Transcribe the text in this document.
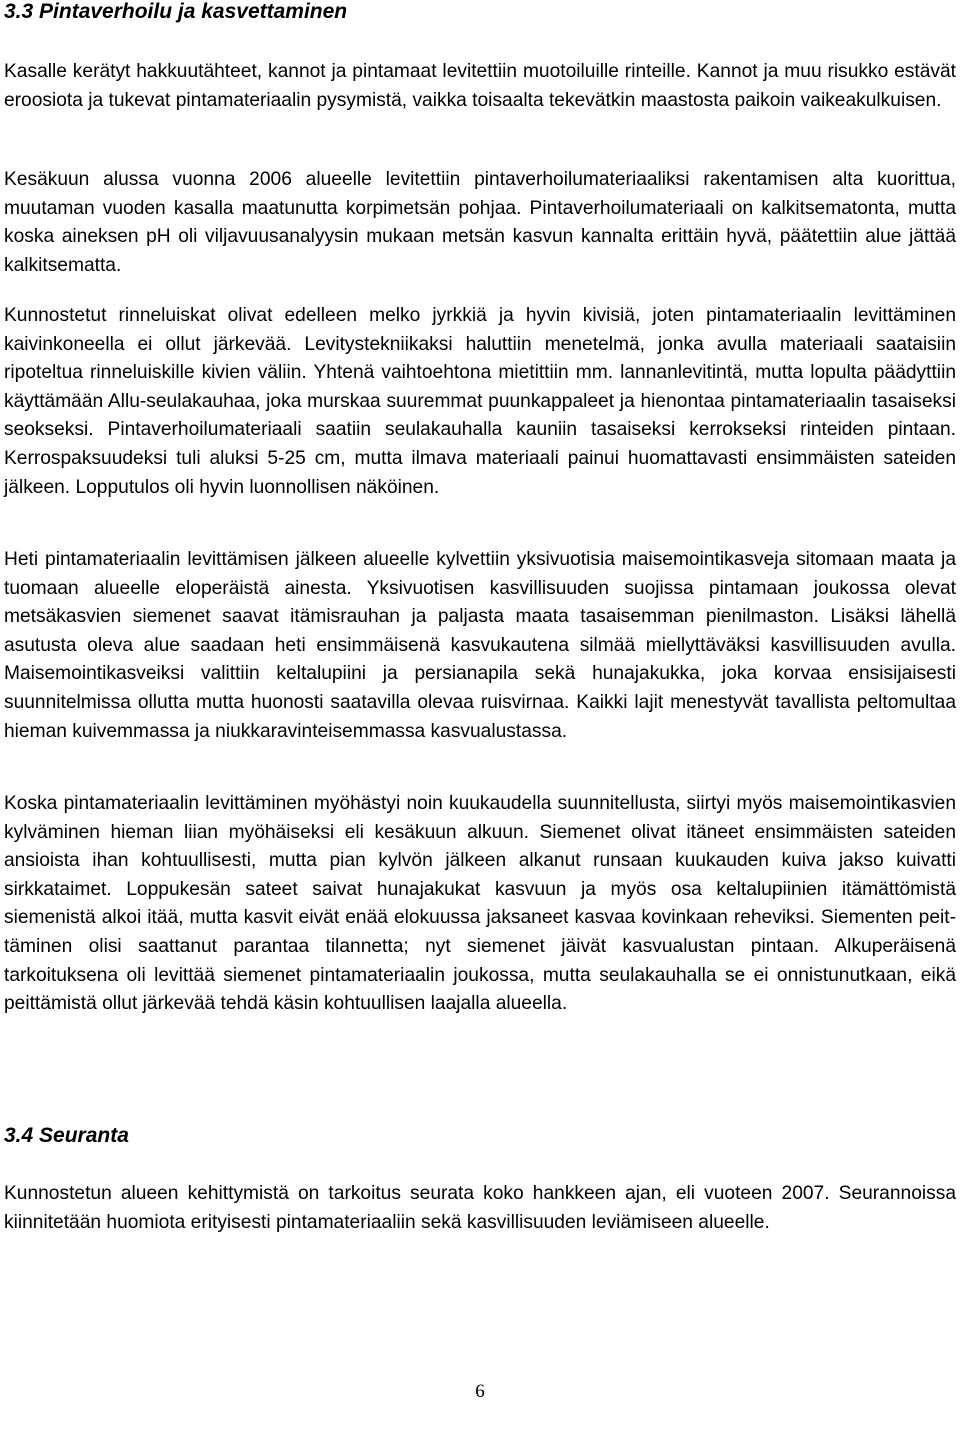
3.3 Pintaverhoilu ja kasvettaminen

Kasalle kerätyt hakkuutähteet, kannot ja pintamaat levitettiin muotoiluille rinteille. Kannot ja muu risukko estävät eroosiota ja tukevat pintamateriaalin pysymistä, vaikka toisaalta tekevätkin maastosta paikoin vaikeakulkuisen.

Kesäkuun alussa vuonna 2006 alueelle levitettiin pintaverhoilumateriaaliksi rakentamisen alta kuorittua, muutaman vuoden kasalla maatunutta korpimetsän pohjaa. Pintaverhoilumateriaali on kalkitsematonta, mutta koska aineksen pH oli viljavuusanalyysin mukaan metsän kasvun kannalta erittäin hyvä, päätettiin alue jättää kalkitsematta.

Kunnostetut rinneluiskat olivat edelleen melko jyrkkiä ja hyvin kivisiä, joten pintamateriaalin levittäminen kaivinkoneella ei ollut järkevää. Levitystekniikaksi haluttiin menetelmä, jonka avulla materiaali saataisiin ripoteltua rinneluiskille kivien väliin. Yhtenä vaihtoehtona mietittiin mm. lannanlevitintä, mutta lopulta päädyttiin käyttämään Allu-seulakauhaa, joka murskaa suuremmat puunkappaleet ja hienontaa pintamateriaalin tasaiseksi seokseksi. Pintaverhoilumateriaali saatiin seulakauhalla kauniin tasaiseksi kerrokseksi rinteiden pintaan. Kerrospaksuudeksi tuli aluksi 5-25 cm, mutta ilmava materiaali painui huomattavasti ensimmäisten sateiden jälkeen. Lopputulos oli hyvin luonnollisen näköinen.

Heti pintamateriaalin levittämisen jälkeen alueelle kylvettiin yksivuotisia maisemointikasveja sitomaan maata ja tuomaan alueelle eloperäistä ainesta. Yksivuotisen kasvillisuuden suojissa pintamaan joukossa olevat metsäkasvien siemenet saavat itämisrauhan ja paljasta maata tasaisemman pienilmaston. Lisäksi lähellä asutusta oleva alue saadaan heti ensimmäisenä kasvukautena silmää miellyttäväksi kasvillisuuden avulla. Maisemointikasveiksi valittiin keltalupiini ja persianapila sekä hunajakukka, joka korvaa ensisijaisesti suunnitelmissa ollutta mutta huonosti saatavilla olevaa ruisvirnaa. Kaikki lajit menestyvät tavallista peltomultaa hieman kuivemmassa ja niukkaravinteisemmassa kasvualustassa.

Koska pintamateriaalin levittäminen myöhästyi noin kuukaudella suunnitellusta, siirtyi myös maisemointikasvien kylväminen hieman liian myöhäiseksi eli kesäkuun alkuun. Siemenet olivat itäneet ensimmäisten sateiden ansioista ihan kohtuullisesti, mutta pian kylvön jälkeen alkanut runsaan kuukauden kuiva jakso kuivatti sirkkataimet. Loppukesän sateet saivat hunajakukat kasvuun ja myös osa keltalupiinien itämättömistä siemenistä alkoi itää, mutta kasvit eivät enää elokuussa jaksaneet kasvaa kovinkaan reheviksi. Siementen peittäminen olisi saattanut parantaa tilannetta; nyt siemenet jäivät kasvualustan pintaan. Alkuperäisenä tarkoituksena oli levittää siemenet pintamateriaalin joukossa, mutta seulakauhalla se ei onnistunutkaan, eikä peittämistä ollut järkevää tehdä käsin kohtuullisen laajalla alueella.

3.4 Seuranta

Kunnostetun alueen kehittymistä on tarkoitus seurata koko hankkeen ajan, eli vuoteen 2007. Seurannoissa kiinnitetään huomiota erityisesti pintamateriaaliin sekä kasvillisuuden leviämiseen alueelle.

6
